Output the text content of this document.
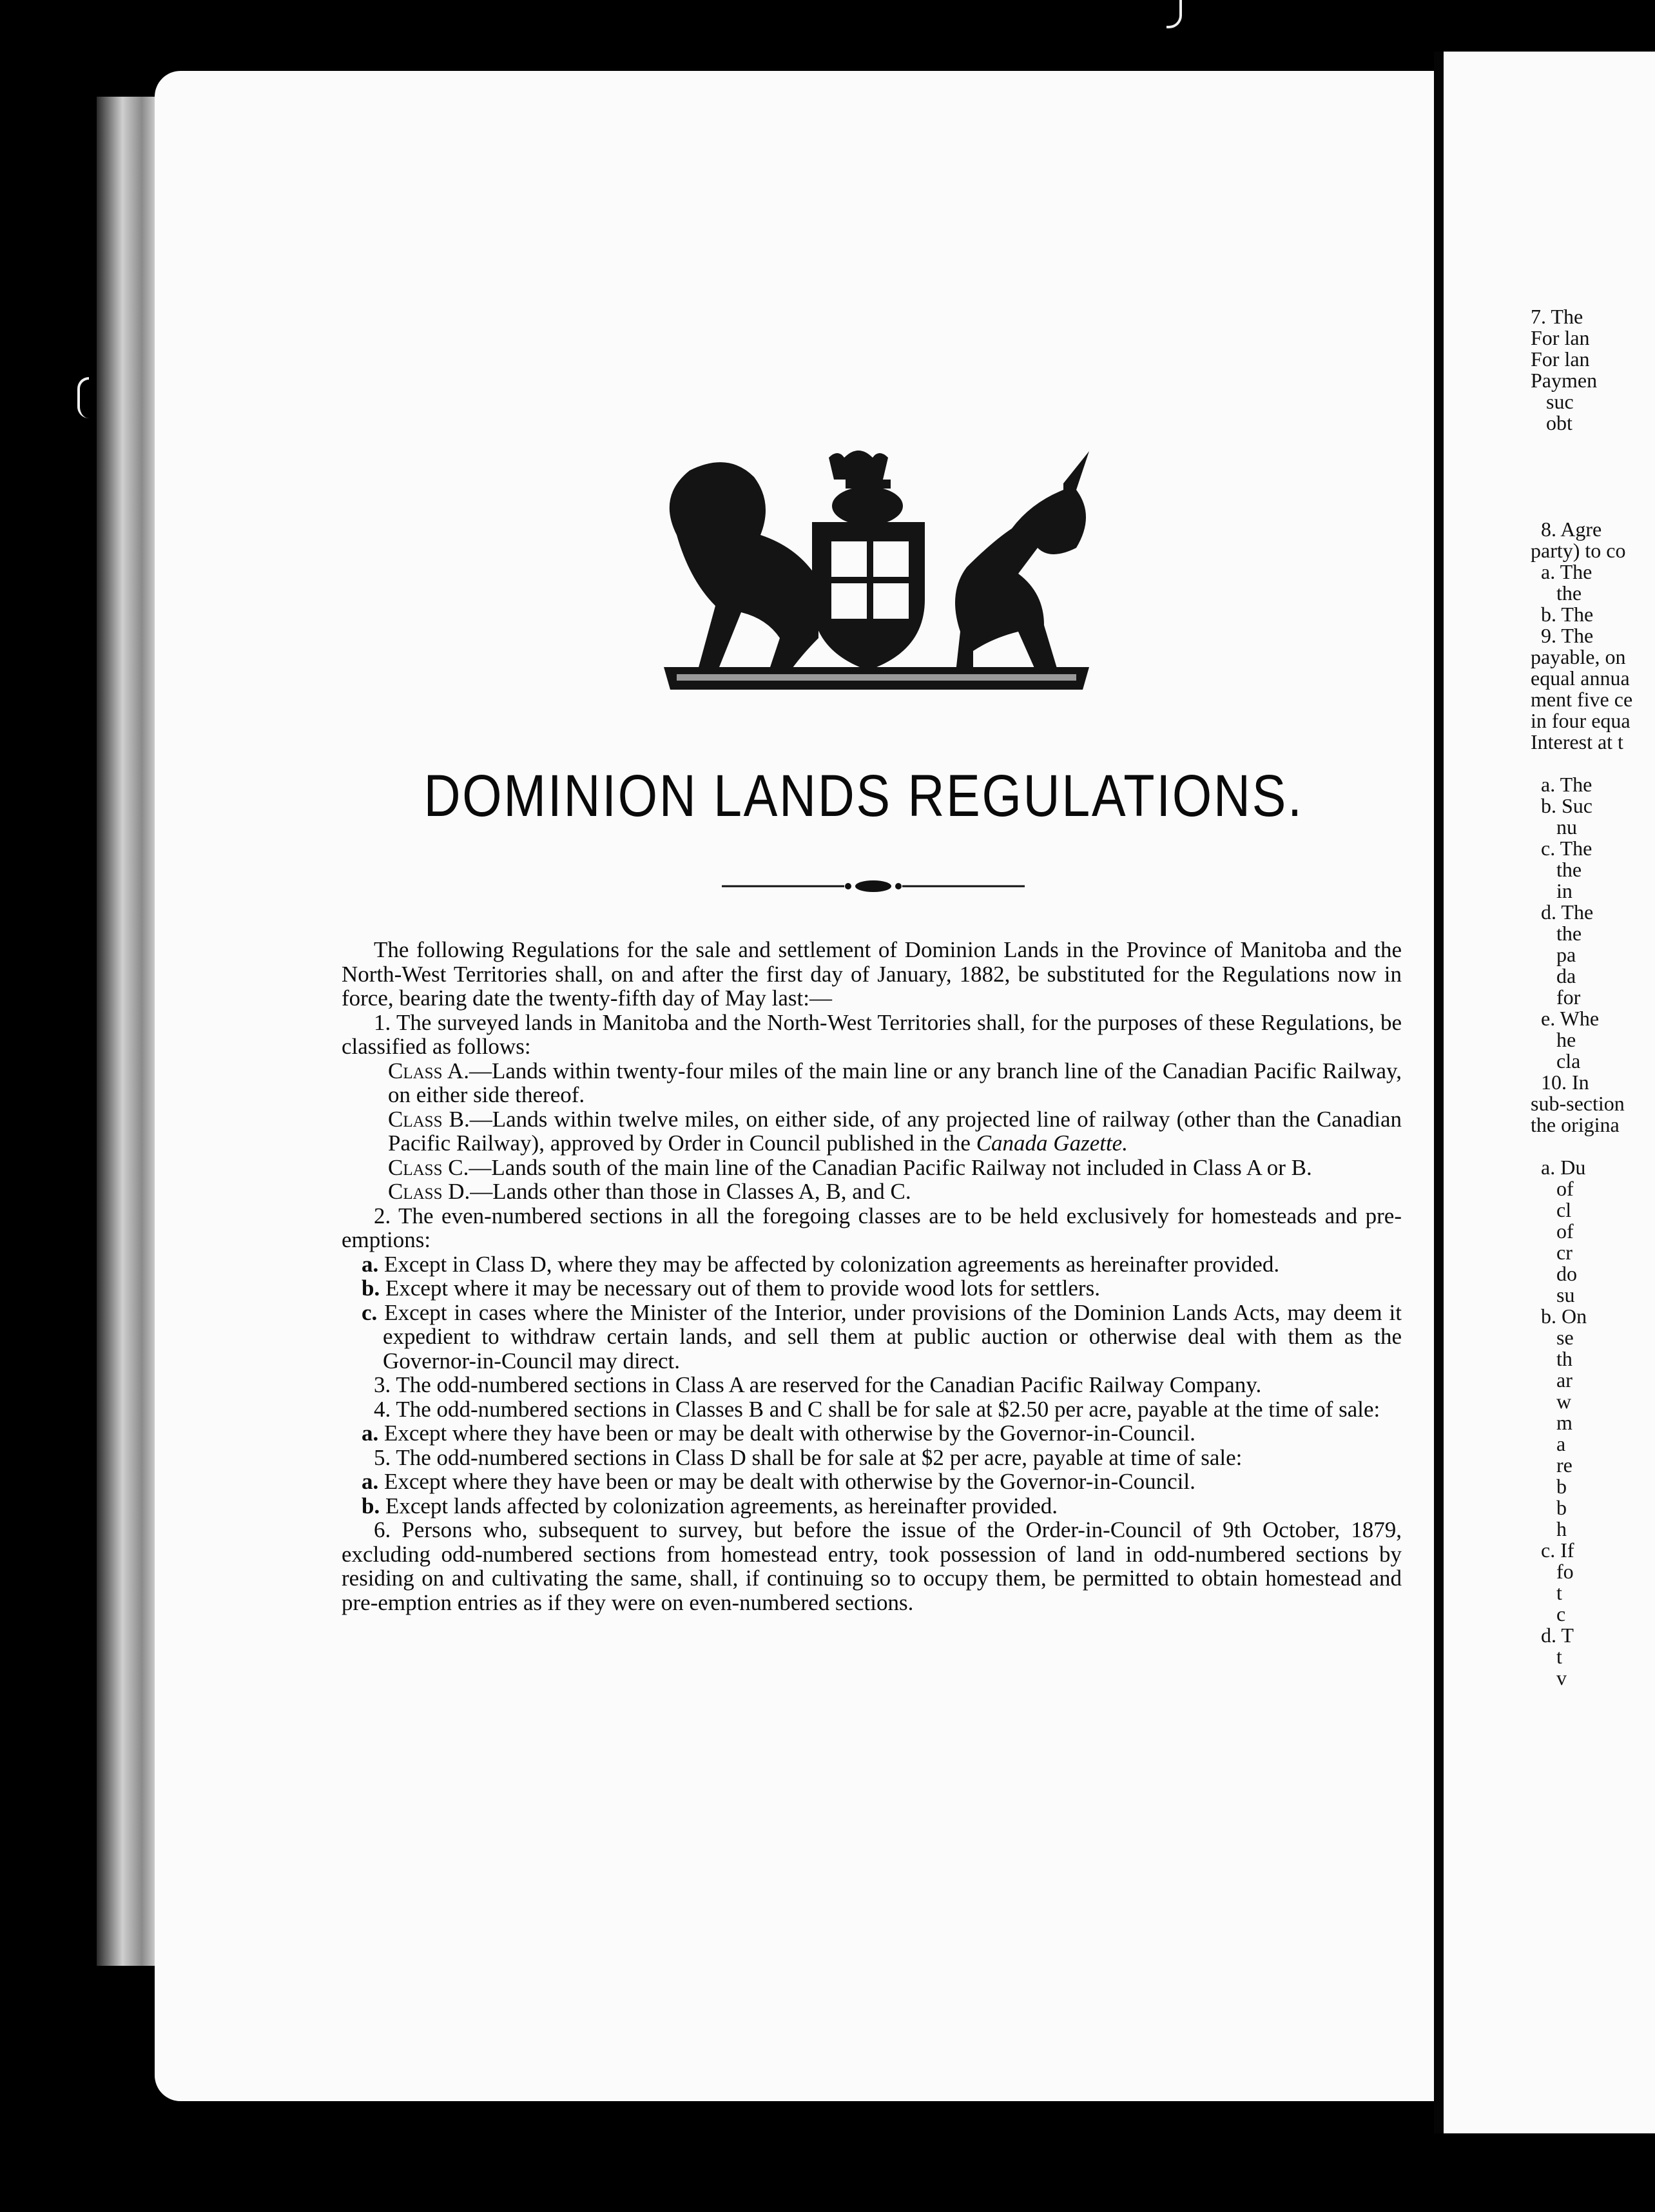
7. The
For lan
For lan
Paymen
suc
obt

8. Agre
party) to co
a. The
the
b. The
9. The
payable, on
equal annua
ment five ce
in four equa
Interest at t

a. The
b. Suc
nu
c. The
the
in
d. The
the
pa
da
for
e. Whe
he
cla
10. In
sub-section
the origina

a. Du
of
cl
of
cr
do
su
b. On
se
th
ar
w
m
a
re
b
b
h
c. If
fo
t
c
d. T
t
v
DOMINION LANDS REGULATIONS.

The following Regulations for the sale and settlement of Dominion Lands in the Province of Manitoba and the North-West Territories shall, on and after the first day of January, 1882, be substituted for the Regulations now in force, bearing date the twenty-fifth day of May last:—

1. The surveyed lands in Manitoba and the North-West Territories shall, for the purposes of these Regulations, be classified as follows:

Class A.—Lands within twenty-four miles of the main line or any branch line of the Canadian Pacific Railway, on either side thereof.

Class B.—Lands within twelve miles, on either side, of any projected line of railway (other than the Canadian Pacific Railway), approved by Order in Council published in the Canada Gazette.

Class C.—Lands south of the main line of the Canadian Pacific Railway not included in Class A or B.

Class D.—Lands other than those in Classes A, B, and C.

2. The even-numbered sections in all the foregoing classes are to be held exclusively for homesteads and pre-emptions:

a. Except in Class D, where they may be affected by colonization agreements as hereinafter provided.

b. Except where it may be necessary out of them to provide wood lots for settlers.

c. Except in cases where the Minister of the Interior, under provisions of the Dominion Lands Acts, may deem it expedient to withdraw certain lands, and sell them at public auction or otherwise deal with them as the Governor-in-Council may direct.

3. The odd-numbered sections in Class A are reserved for the Canadian Pacific Railway Company.

4. The odd-numbered sections in Classes B and C shall be for sale at $2.50 per acre, payable at the time of sale:

a. Except where they have been or may be dealt with otherwise by the Governor-in-Council.

5. The odd-numbered sections in Class D shall be for sale at $2 per acre, payable at time of sale:

a. Except where they have been or may be dealt with otherwise by the Governor-in-Council.

b. Except lands affected by colonization agreements, as hereinafter provided.

6. Persons who, subsequent to survey, but before the issue of the Order-in-Council of 9th October, 1879, excluding odd-numbered sections from homestead entry, took possession of land in odd-numbered sections by residing on and cultivating the same, shall, if continuing so to occupy them, be permitted to obtain homestead and pre-emption entries as if they were on even-numbered sections.
